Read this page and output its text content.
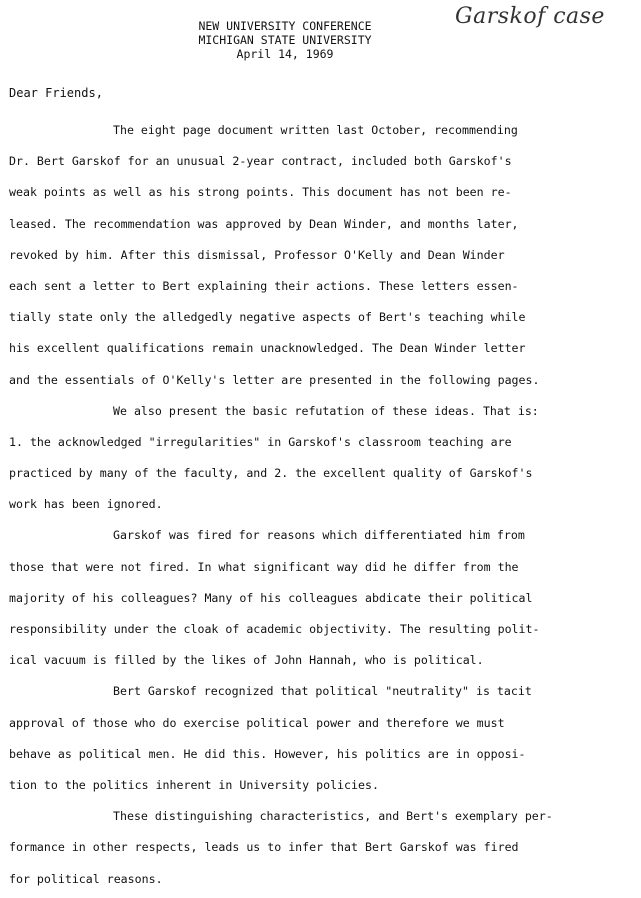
Garskof case
NEW UNIVERSITY CONFERENCE
MICHIGAN STATE UNIVERSITY
April 14, 1969
Dear Friends,
The eight page document written last October, recommending
Dr. Bert Garskof for an unusual 2-year contract, included both Garskof's
weak points as well as his strong points. This document has not been re-
leased. The recommendation was approved by Dean Winder, and months later,
revoked by him. After this dismissal, Professor O'Kelly and Dean Winder
each sent a letter to Bert explaining their actions. These letters essen-
tially state only the alledgedly negative aspects of Bert's teaching while
his excellent qualifications remain unacknowledged. The Dean Winder letter
and the essentials of O'Kelly's letter are presented in the following pages.
We also present the basic refutation of these ideas. That is:
1. the acknowledged "irregularities" in Garskof's classroom teaching are
practiced by many of the faculty, and 2. the excellent quality of Garskof's
work has been ignored.
Garskof was fired for reasons which differentiated him from
those that were not fired. In what significant way did he differ from the
majority of his colleagues? Many of his colleagues abdicate their political
responsibility under the cloak of academic objectivity. The resulting polit-
ical vacuum is filled by the likes of John Hannah, who is political.
Bert Garskof recognized that political "neutrality" is tacit
approval of those who do exercise political power and therefore we must
behave as political men. He did this. However, his politics are in opposi-
tion to the politics inherent in University policies.
These distinguishing characteristics, and Bert's exemplary per-
formance in other respects, leads us to infer that Bert Garskof was fired
for political reasons.
